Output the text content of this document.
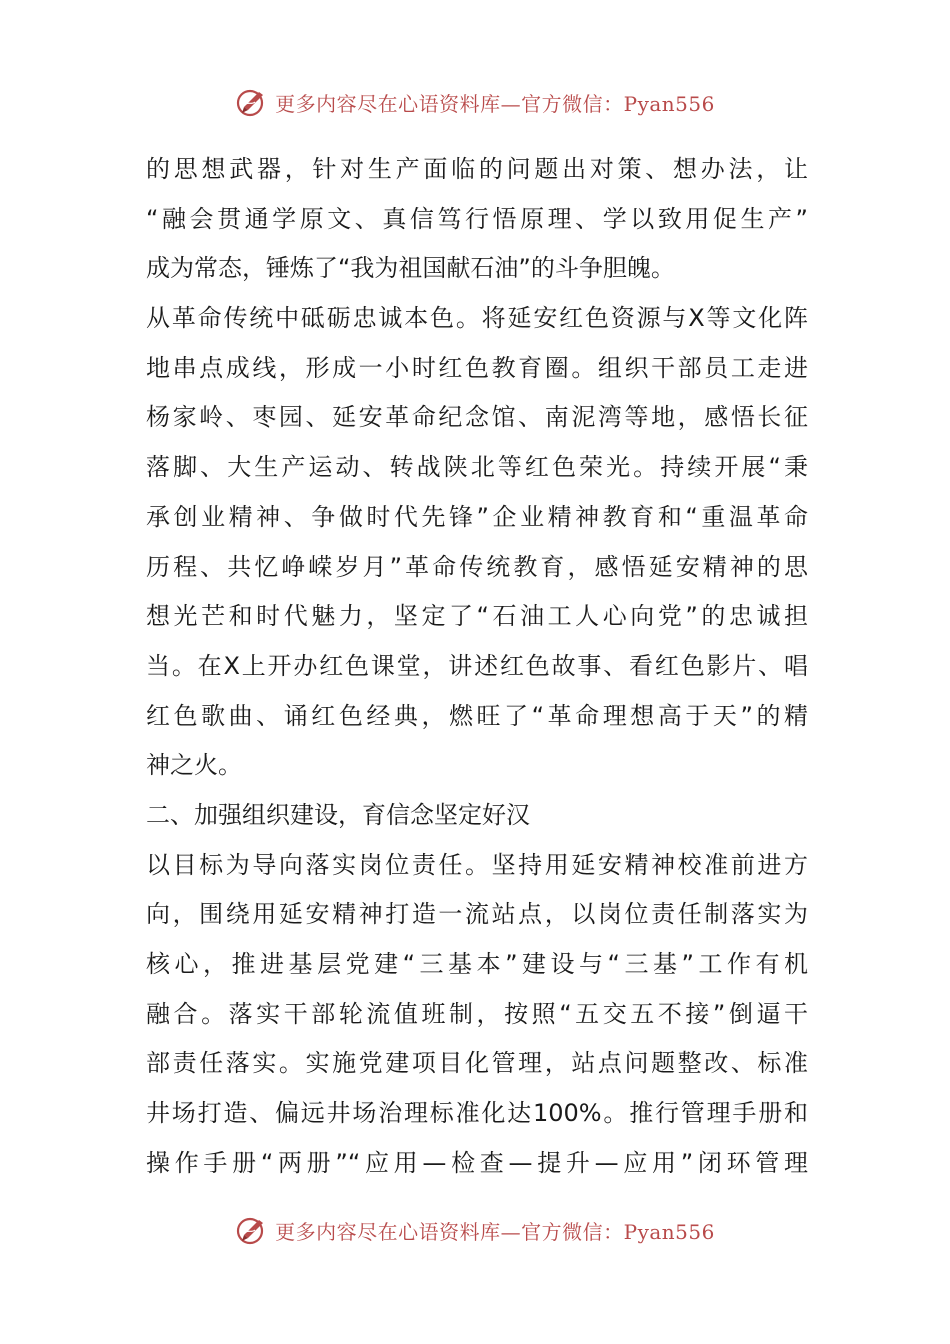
更多内容尽在心语资料库—官方微信：Pyan556
的思想武器，针对生产面临的问题出对策、想办法，让
“融会贯通学原文、真信笃行悟原理、学以致用促生产”
成为常态，锤炼了“我为祖国献石油”的斗争胆魄。
从革命传统中砥砺忠诚本色。将延安红色资源与X等文化阵
地串点成线，形成一小时红色教育圈。组织干部员工走进
杨家岭、枣园、延安革命纪念馆、南泥湾等地，感悟长征
落脚、大生产运动、转战陕北等红色荣光。持续开展“秉
承创业精神、争做时代先锋”企业精神教育和“重温革命
历程、共忆峥嵘岁月”革命传统教育，感悟延安精神的思
想光芒和时代魅力，坚定了“石油工人心向党”的忠诚担
当。在X上开办红色课堂，讲述红色故事、看红色影片、唱
红色歌曲、诵红色经典，燃旺了“革命理想高于天”的精
神之火。
二、加强组织建设，育信念坚定好汉
以目标为导向落实岗位责任。坚持用延安精神校准前进方
向，围绕用延安精神打造一流站点，以岗位责任制落实为
核心，推进基层党建“三基本”建设与“三基”工作有机
融合。落实干部轮流值班制，按照“五交五不接”倒逼干
部责任落实。实施党建项目化管理，站点问题整改、标准
井场打造、偏远井场治理标准化达100%。推行管理手册和
操作手册“两册”“应用—检查—提升—应用”闭环管理
更多内容尽在心语资料库—官方微信：Pyan556
